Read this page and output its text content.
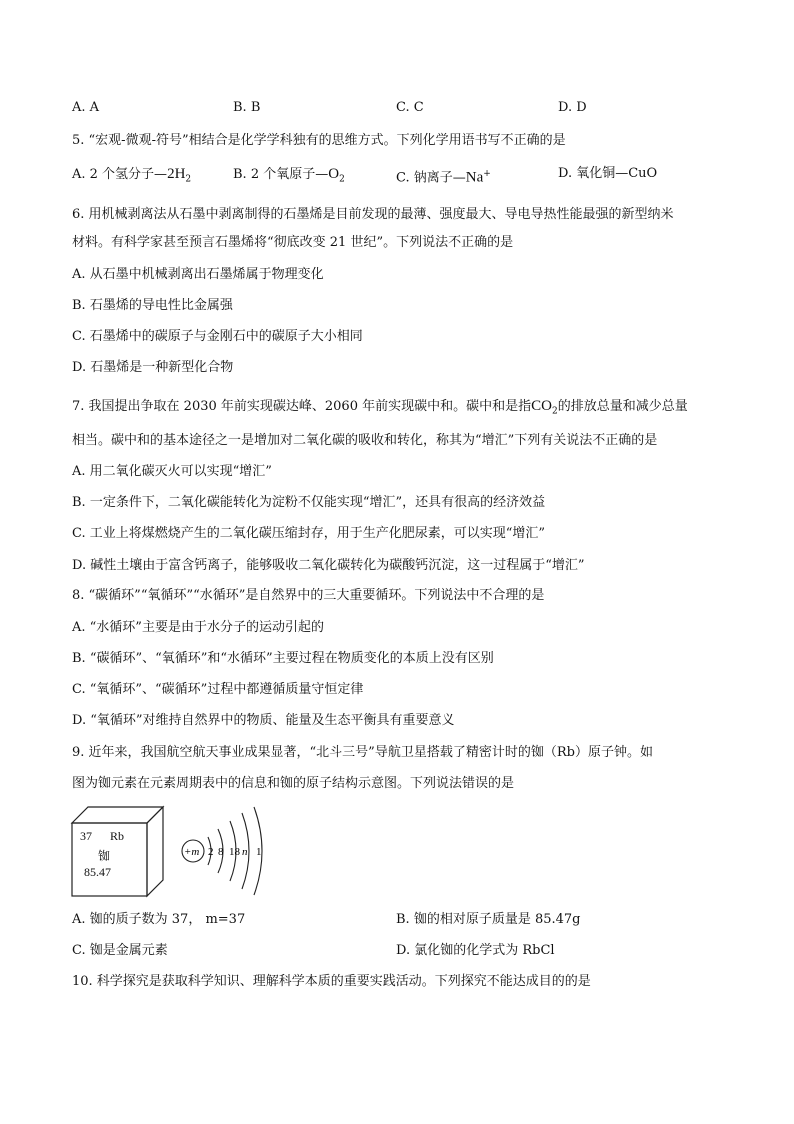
A. A	B. B	C. C	D. D
5. “宏观-微观-符号”相结合是化学学科独有的思维方式。下列化学用语书写不正确的是
A. 2 个氢分子$—2H_2$	B. 2 个氧原子$—O_2$	C. 钠离子—Na+	D. 氧化铜—CuO
6. 用机械剥离法从石墨中剥离制得的石墨烯是目前发现的最薄、强度最大、导电导热性能最强的新型纳米
材料。有科学家甚至预言石墨烯将“彻底改变 21 世纪”。下列说法不正确的是
A. 从石墨中机械剥离出石墨烯属于物理变化
B. 石墨烯的导电性比金属强
C. 石墨烯中的碳原子与金刚石中的碳原子大小相同
D. 石墨烯是一种新型化合物
7. 我国提出争取在 2030 年前实现碳达峰、2060 年前实现碳中和。碳中和是指$CO_2$的排放总量和减少总量
相当。碳中和的基本途径之一是增加对二氧化碳的吸收和转化，称其为“增汇”下列有关说法不正确的是
A. 用二氧化碳灭火可以实现“增汇”
B. 一定条件下，二氧化碳能转化为淀粉不仅能实现“增汇”，还具有很高的经济效益
C. 工业上将煤燃烧产生的二氧化碳压缩封存，用于生产化肥尿素，可以实现“增汇”
D. 碱性土壤由于富含钙离子，能够吸收二氧化碳转化为碳酸钙沉淀，这一过程属于“增汇”
8. “碳循环”“氧循环”“水循环”是自然界中的三大重要循环。下列说法中不合理的是
A. “水循环”主要是由于水分子的运动引起的
B. “碳循环”、“氧循环”和“水循环”主要过程在物质变化的本质上没有区别
C. “氧循环”、“碳循环”过程中都遵循质量守恒定律
D. “氧循环”对维持自然界中的物质、能量及生态平衡具有重要意义
9. 近年来，我国航空航天事业成果显著，“北斗三号”导航卫星搭载了精密计时的铷（Rb）原子钟。如
图为铷元素在元素周期表中的信息和铷的原子结构示意图。下列说法错误的是
37 Rb
铷
85.47
+m 2 8 18 n 1
A. 铷的质子数为 37， m=37	B. 铷的相对原子质量是 85.47g
C. 铷是金属元素	D. 氯化铷的化学式为 RbCl
10. 科学探究是获取科学知识、理解科学本质的重要实践活动。下列探究不能达成目的的是
